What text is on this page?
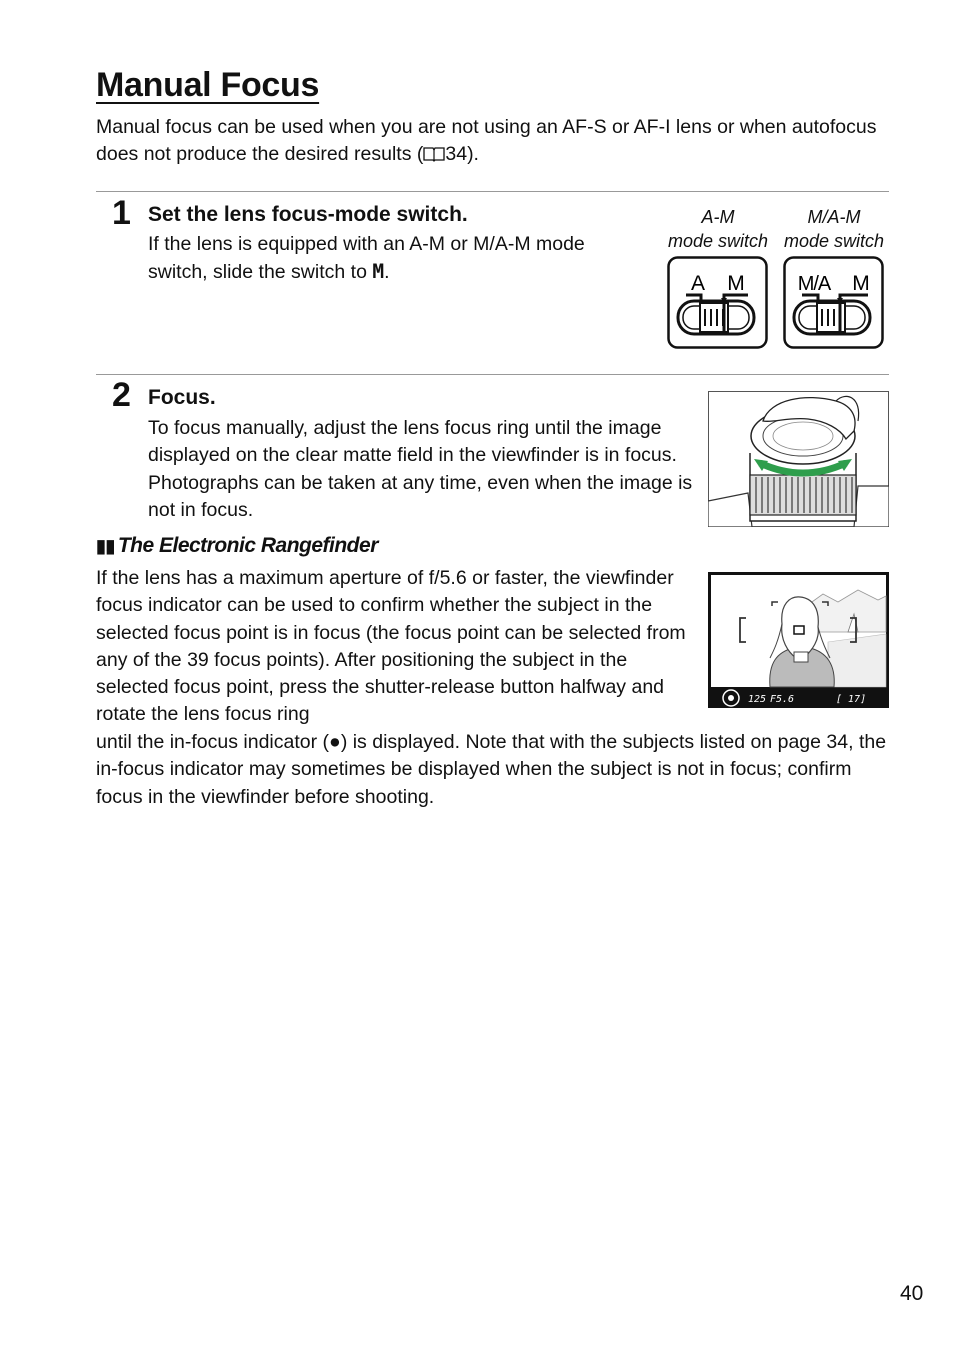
Manual Focus
Manual focus can be used when you are not using an AF-S or AF-I lens or when autofocus does not produce the desired results ( 34).
1 Set the lens focus-mode switch.
If the lens is equipped with an A-M or M/A-M mode switch, slide the switch to M.
A-M
mode switch
M/A-M
mode switch
A M	M/A M
2 Focus.
To focus manually, adjust the lens focus ring until the image displayed on the clear matte field in the viewfinder is in focus. Photographs can be taken at any time, even when the image is not in focus.
▮▮ The Electronic Rangefinder
If the lens has a maximum aperture of f/5.6 or faster, the viewfinder focus indicator can be used to confirm whether the subject in the selected focus point is in focus (the focus point can be selected from any of the 39 focus points). After positioning the subject in the selected focus point, press the shutter-release button halfway and rotate the lens focus ring
until the in-focus indicator (●) is displayed. Note that with the subjects listed on page 34, the in-focus indicator may sometimes be displayed when the subject is not in focus; confirm focus in the viewfinder before shooting.
125 F5.6	[ 17]
40
